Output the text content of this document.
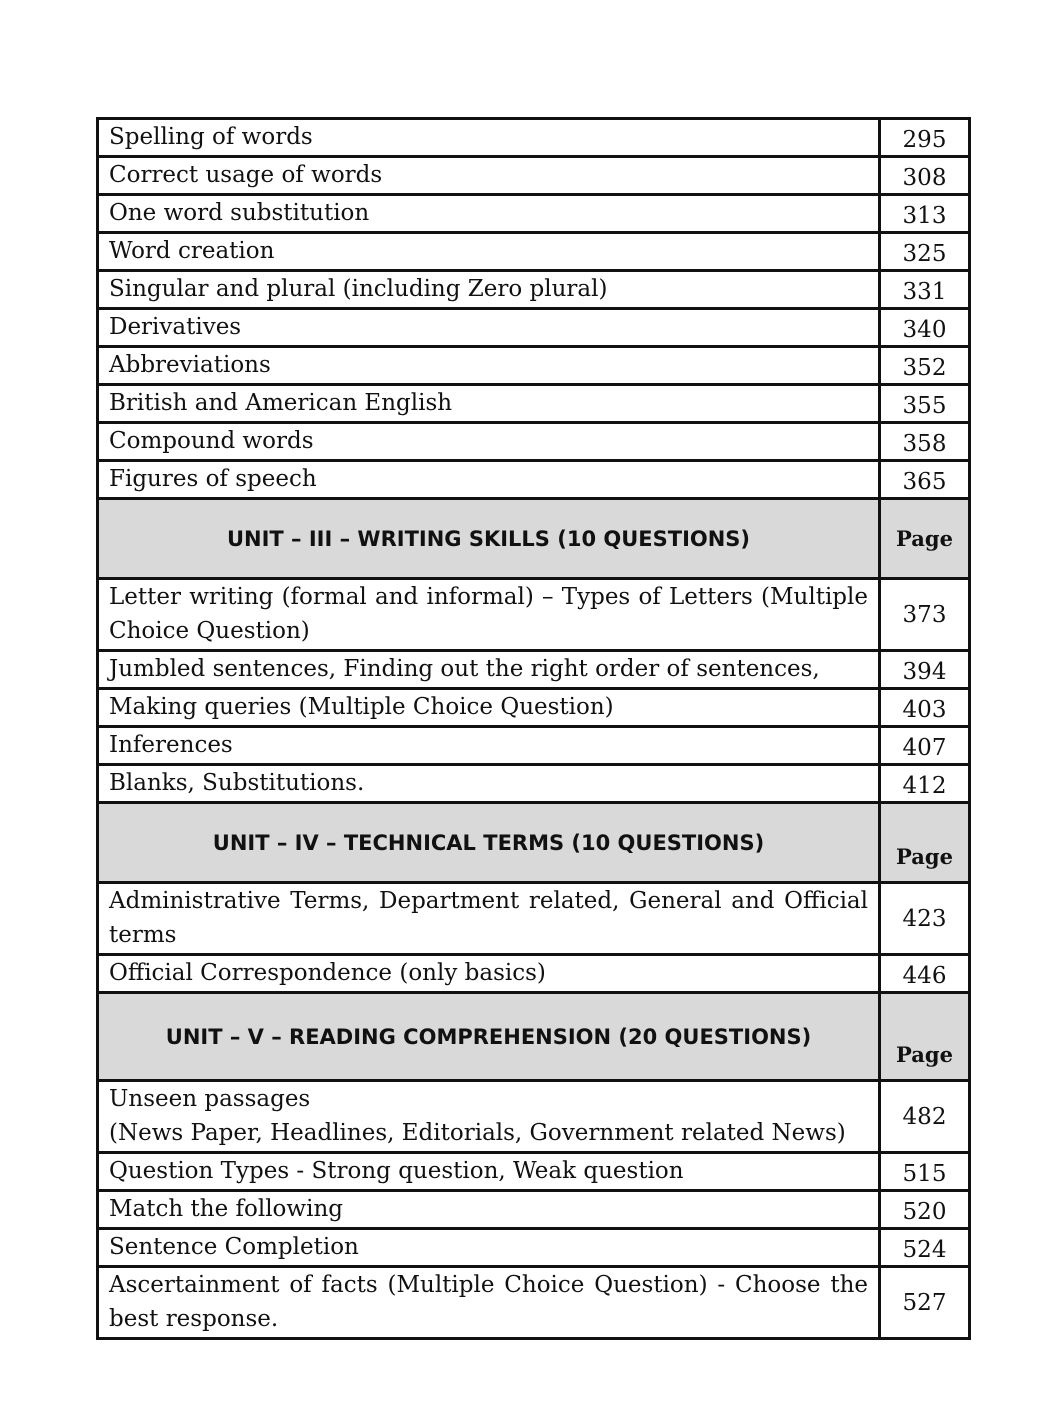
Spelling of words	295
Correct usage of words	308
One word substitution	313
Word creation	325
Singular and plural (including Zero plural)	331
Derivatives	340
Abbreviations	352
British and American English	355
Compound words	358
Figures of speech	365
UNIT – III – WRITING SKILLS (10 QUESTIONS)	Page
Letter writing (formal and informal) – Types of Letters (Multiple Choice Question)	373
Jumbled sentences, Finding out the right order of sentences,	394
Making queries (Multiple Choice Question)	403
Inferences	407
Blanks, Substitutions.	412
UNIT – IV – TECHNICAL TERMS (10 QUESTIONS)	Page
Administrative Terms, Department related, General and Official terms	423
Official Correspondence (only basics)	446
UNIT – V – READING COMPREHENSION (20 QUESTIONS)	Page

Unseen passages
(News Paper, Headlines, Editorials, Government related News)	482
Question Types - Strong question, Weak question	515
Match the following	520
Sentence Completion	524
Ascertainment of facts (Multiple Choice Question) - Choose the best response.	527
